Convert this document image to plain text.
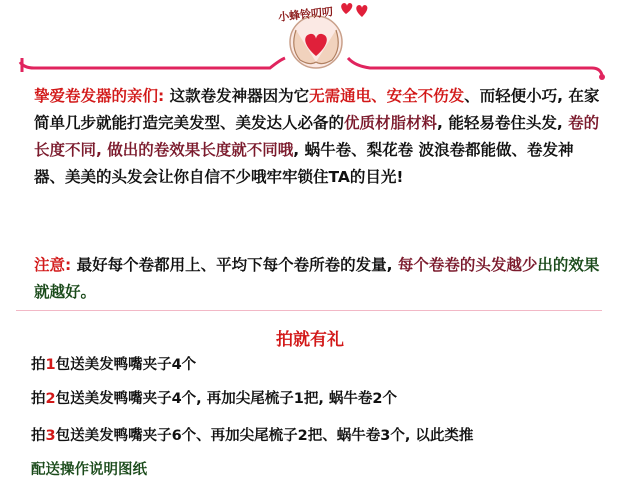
小蜂铃叨叨
挚爱卷发器的亲们: 这款卷发神器因为它无需通电、安全不伤发、而轻便小巧, 在家简单几步就能打造完美发型、美发达人必备的优质材脂材料, 能轻易卷住头发, 卷的长度不同, 做出的卷效果长度就不同哦, 蜗牛卷、梨花卷 波浪卷都能做、卷发神器、美美的头发会让你自信不少哦牢牢锁住TA的目光!
注意: 最好每个卷都用上、平均下每个卷所卷的发量, 每个卷卷的头发越少出的效果就越好。
拍就有礼
拍1包送美发鸭嘴夹子4个
拍2包送美发鸭嘴夹子4个, 再加尖尾梳子1把, 蜗牛卷2个
拍3包送美发鸭嘴夹子6个、再加尖尾梳子2把、蜗牛卷3个, 以此类推
配送操作说明图纸
